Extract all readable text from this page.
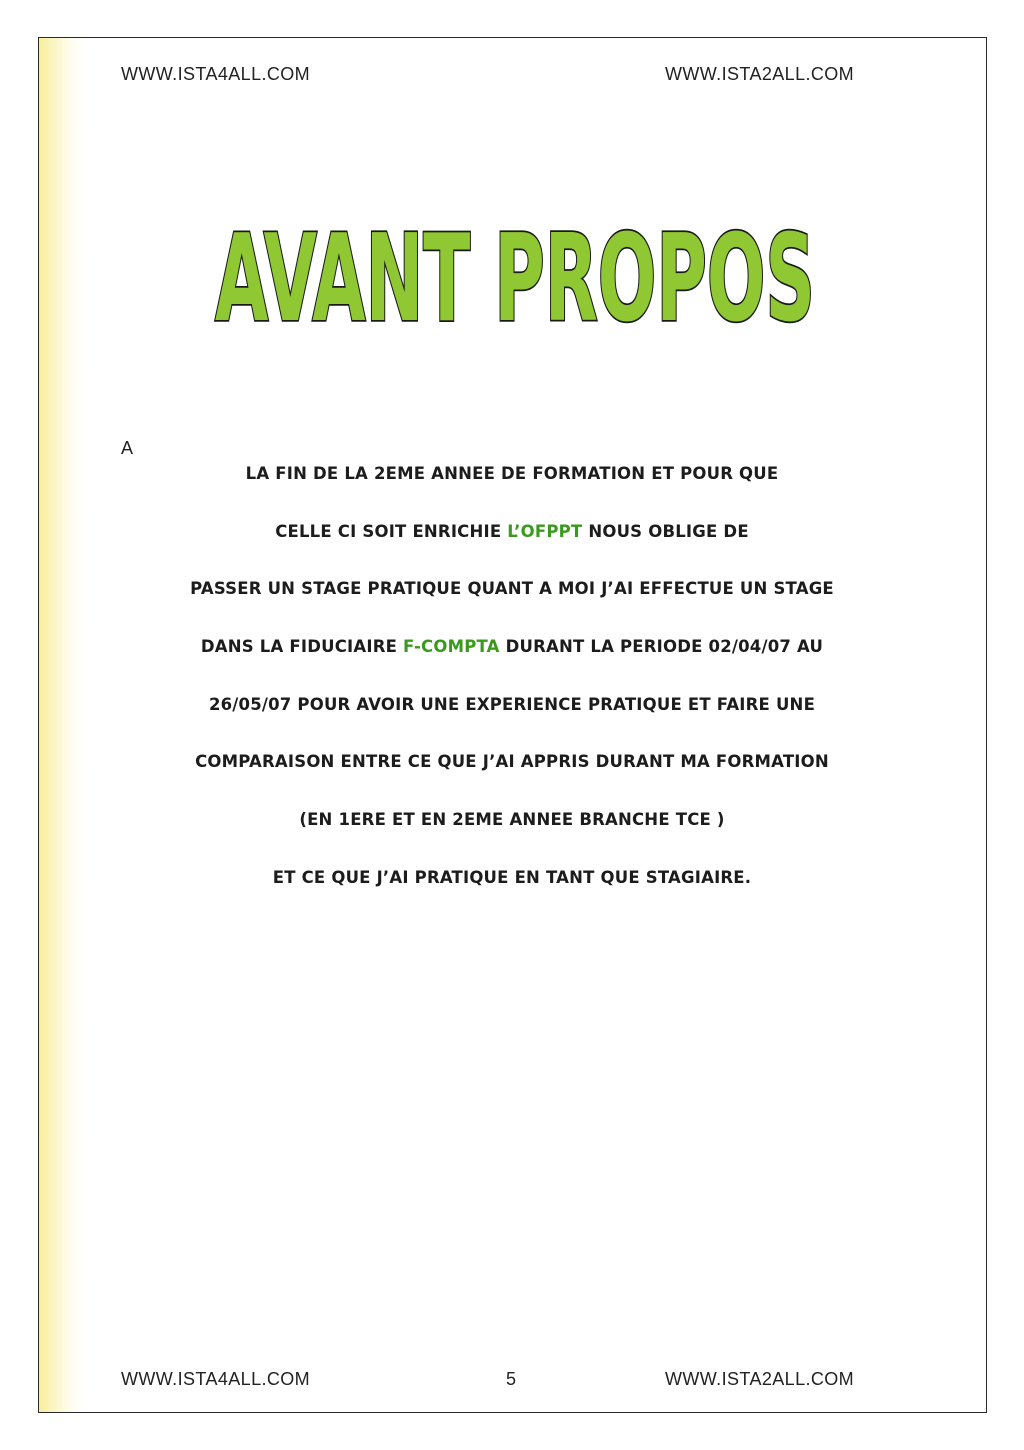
WWW.ISTA4ALL.COM	WWW.ISTA2ALL.COM
AVANT PROPOS
A
LA FIN DE LA 2EME ANNEE DE FORMATION ET POUR QUE
CELLE CI SOIT ENRICHIE L’OFPPT NOUS OBLIGE DE
PASSER UN STAGE PRATIQUE QUANT A MOI J’AI EFFECTUE UN STAGE
DANS LA FIDUCIAIRE F-COMPTA DURANT LA PERIODE 02/04/07 AU
26/05/07 POUR AVOIR UNE EXPERIENCE PRATIQUE ET FAIRE UNE
COMPARAISON ENTRE CE QUE J’AI APPRIS DURANT MA FORMATION
(EN 1ERE ET EN 2EME ANNEE BRANCHE TCE )
ET CE QUE J’AI PRATIQUE EN TANT QUE STAGIAIRE.
WWW.ISTA4ALL.COM	5	WWW.ISTA2ALL.COM
